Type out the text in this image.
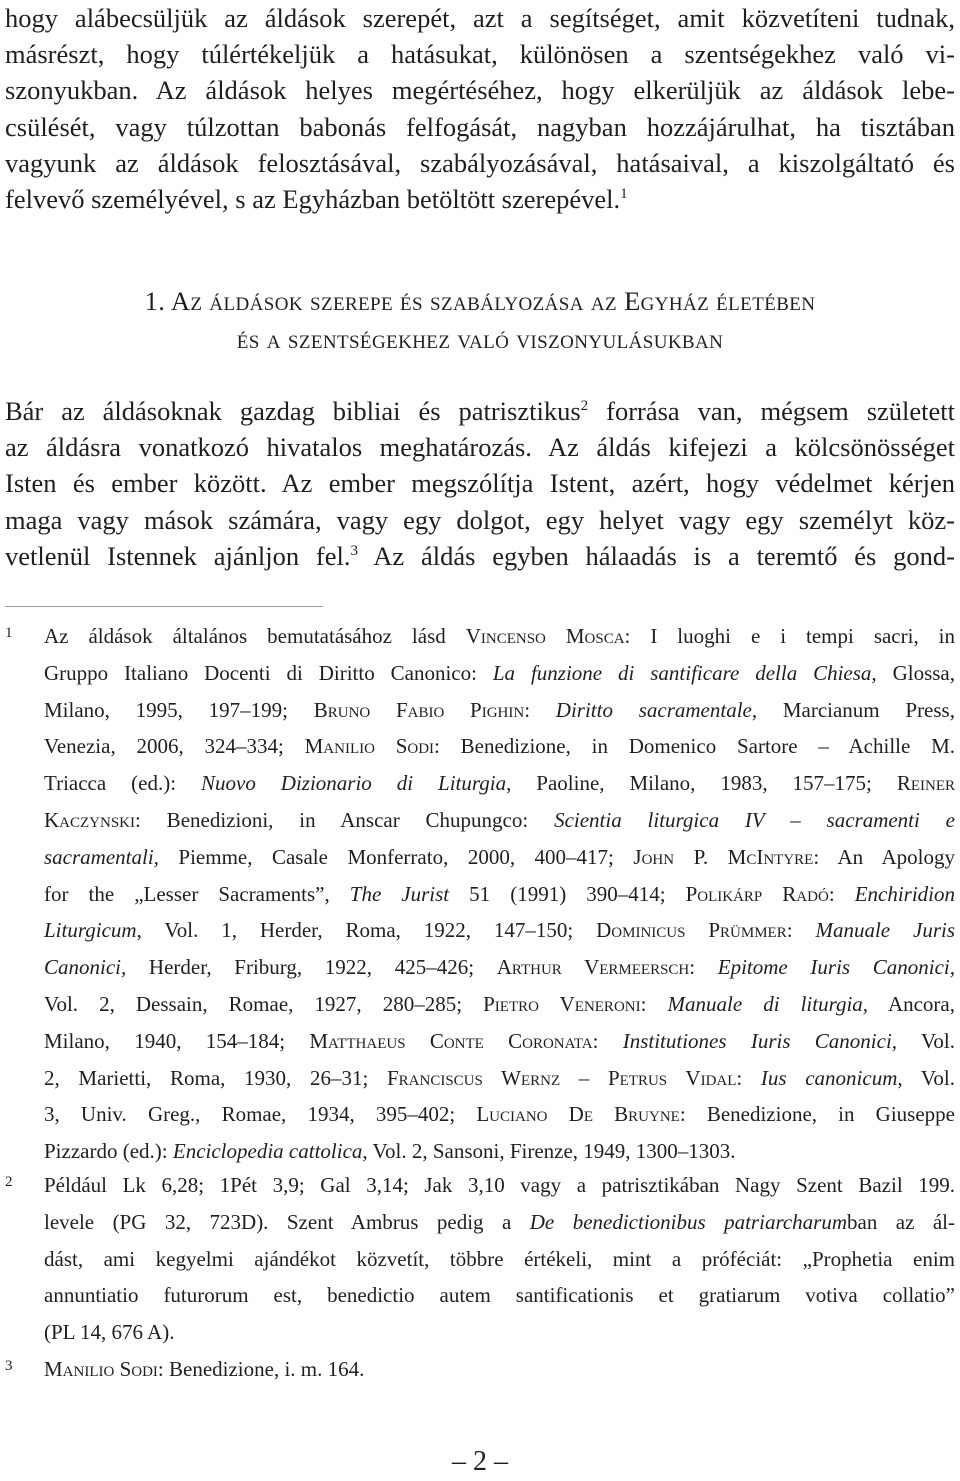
hogy alábecsüljük az áldások szerepét, azt a segítséget, amit közvetíteni tudnak,
másrészt, hogy túlértékeljük a hatásukat, különösen a szentségekhez való vi-
szonyukban. Az áldások helyes megértéséhez, hogy elkerüljük az áldások lebe-
csülését, vagy túlzottan babonás felfogását, nagyban hozzájárulhat, ha tisztában
vagyunk az áldások felosztásával, szabályozásával, hatásaival, a kiszolgáltató és
felvevő személyével, s az Egyházban betöltött szerepével.$^1$
1. Az áldások szerepe és szabályozása az Egyház életében
és a szentségekhez való viszonyulásukban
Bár az áldásoknak gazdag bibliai és patrisztikus$^2$ forrása van, mégsem született
az áldásra vonatkozó hivatalos meghatározás. Az áldás kifejezi a kölcsönösséget
Isten és ember között. Az ember megszólítja Istent, azért, hogy védelmet kérjen
maga vagy mások számára, vagy egy dolgot, egy helyet vagy egy személyt köz-
vetlenül Istennek ajánljon fel.$^3$ Az áldás egyben hálaadás is a teremtő és gond-
1 Az áldások általános bemutatásához lásd Vincenso Mosca: I luoghi e i tempi sacri, in
Gruppo Italiano Docenti di Diritto Canonico: La funzione di santificare della Chiesa, Glossa,
Milano, 1995, 197–199; Bruno Fabio Pighin: Diritto sacramentale, Marcianum Press,
Venezia, 2006, 324–334; Manilio Sodi: Benedizione, in Domenico Sartore – Achille M.
Triacca (ed.): Nuovo Dizionario di Liturgia, Paoline, Milano, 1983, 157–175; Reiner
Kaczynski: Benedizioni, in Anscar Chupungco: Scientia liturgica IV – sacramenti e
sacramentali, Piemme, Casale Monferrato, 2000, 400–417; John P. McIntyre: An Apology
for the „Lesser Sacraments”, The Jurist 51 (1991) 390–414; Polikárp Radó: Enchiridion
Liturgicum, Vol. 1, Herder, Roma, 1922, 147–150; Dominicus Prümmer: Manuale Juris
Canonici, Herder, Friburg, 1922, 425–426; Arthur Vermeersch: Epitome Iuris Canonici,
Vol. 2, Dessain, Romae, 1927, 280–285; Pietro Veneroni: Manuale di liturgia, Ancora,
Milano, 1940, 154–184; Matthaeus Conte Coronata: Institutiones Iuris Canonici, Vol.
2, Marietti, Roma, 1930, 26–31; Franciscus Wernz – Petrus Vidal: Ius canonicum, Vol.
3, Univ. Greg., Romae, 1934, 395–402; Luciano De Bruyne: Benedizione, in Giuseppe
Pizzardo (ed.): Enciclopedia cattolica, Vol. 2, Sansoni, Firenze, 1949, 1300–1303.
2 Például Lk 6,28; 1Pét 3,9; Gal 3,14; Jak 3,10 vagy a patrisztikában Nagy Szent Bazil 199.
levele (PG 32, 723D). Szent Ambrus pedig a De benedictionibus patriarcharumban az ál-
dást, ami kegyelmi ajándékot közvetít, többre értékeli, mint a próféciát: „Prophetia enim
annuntiatio futurorum est, benedictio autem santificationis et gratiarum votiva collatio”
(PL 14, 676 A).
3 Manilio Sodi: Benedizione, i. m. 164.
– 2 –
